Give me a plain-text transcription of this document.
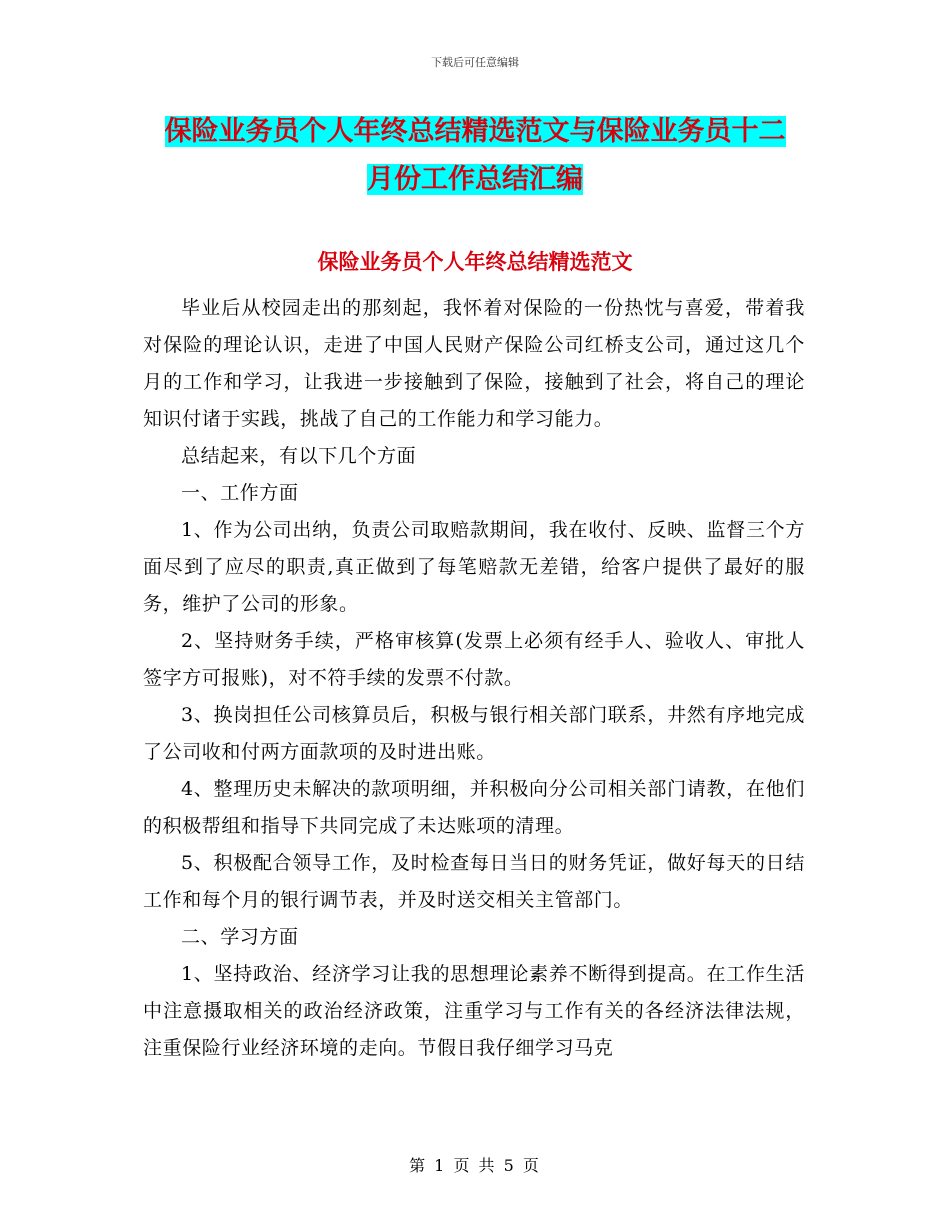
下载后可任意编辑
保险业务员个人年终总结精选范文与保险业务员十二
月份工作总结汇编
保险业务员个人年终总结精选范文

毕业后从校园走出的那刻起，我怀着对保险的一份热忱与喜爱，带着我对保险的理论认识，走进了中国人民财产保险公司红桥支公司，通过这几个月的工作和学习，让我进一步接触到了保险，接触到了社会，将自己的理论知识付诸于实践，挑战了自己的工作能力和学习能力。

总结起来，有以下几个方面

一、工作方面

1、作为公司出纳，负责公司取赔款期间，我在收付、反映、监督三个方面尽到了应尽的职责,真正做到了每笔赔款无差错，给客户提供了最好的服务，维护了公司的形象。

2、坚持财务手续，严格审核算(发票上必须有经手人、验收人、审批人签字方可报账)，对不符手续的发票不付款。

3、换岗担任公司核算员后，积极与银行相关部门联系，井然有序地完成了公司收和付两方面款项的及时进出账。

4、整理历史未解决的款项明细，并积极向分公司相关部门请教，在他们的积极帮组和指导下共同完成了未达账项的清理。

5、积极配合领导工作，及时检查每日当日的财务凭证，做好每天的日结工作和每个月的银行调节表，并及时送交相关主管部门。

二、学习方面

1、坚持政治、经济学习让我的思想理论素养不断得到提高。在工作生活中注意摄取相关的政治经济政策，注重学习与工作有关的各经济法律法规，注重保险行业经济环境的走向。节假日我仔细学习马克

第 1 页 共 5 页
